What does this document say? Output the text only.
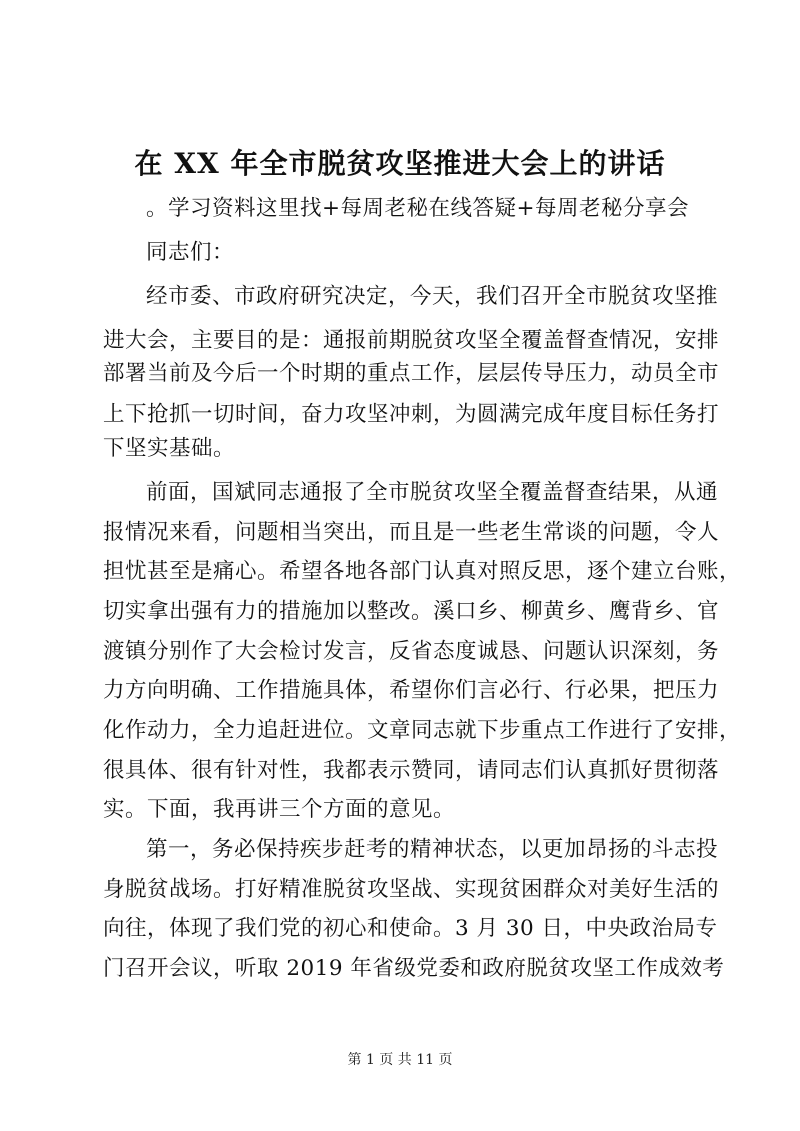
在 XX 年全市脱贫攻坚推进大会上的讲话
。学习资料这里找+每周老秘在线答疑+每周老秘分享会
同志们：
经市委、市政府研究决定，今天，我们召开全市脱贫攻坚推
进大会，主要目的是：通报前期脱贫攻坚全覆盖督查情况，安排
部署当前及今后一个时期的重点工作，层层传导压力，动员全市
上下抢抓一切时间，奋力攻坚冲刺，为圆满完成年度目标任务打
下坚实基础。
前面，国斌同志通报了全市脱贫攻坚全覆盖督查结果，从通
报情况来看，问题相当突出，而且是一些老生常谈的问题，令人
担忧甚至是痛心。希望各地各部门认真对照反思，逐个建立台账，
切实拿出强有力的措施加以整改。溪口乡、柳黄乡、鹰背乡、官
渡镇分别作了大会检讨发言，反省态度诚恳、问题认识深刻，务
力方向明确、工作措施具体，希望你们言必行、行必果，把压力
化作动力，全力追赶进位。文章同志就下步重点工作进行了安排，
很具体、很有针对性，我都表示赞同，请同志们认真抓好贯彻落
实。下面，我再讲三个方面的意见。
第一，务必保持疾步赶考的精神状态，以更加昂扬的斗志投
身脱贫战场。打好精准脱贫攻坚战、实现贫困群众对美好生活的
向往，体现了我们党的初心和使命。3 月 30 日，中央政治局专
门召开会议，听取 2019 年省级党委和政府脱贫攻坚工作成效考
第 1 页 共 11 页
